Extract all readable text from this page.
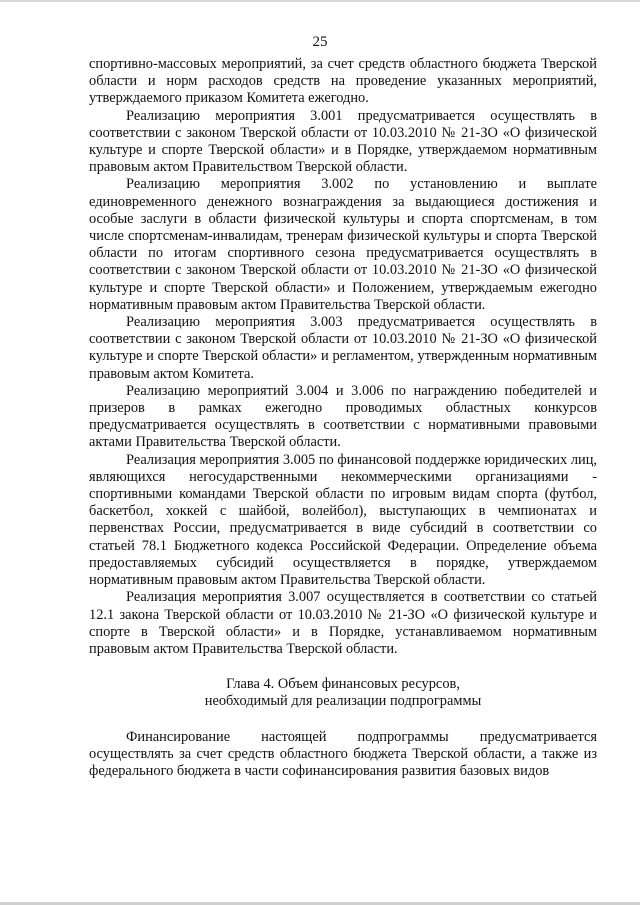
25

спортивно-массовых мероприятий, за счет средств областного бюджета Тверской области и норм расходов средств на проведение указанных мероприятий, утверждаемого приказом Комитета ежегодно.

Реализацию мероприятия 3.001 предусматривается осуществлять в соответствии с законом Тверской области от 10.03.2010 № 21-ЗО «О физической культуре и спорте Тверской области» и в Порядке, утверждаемом нормативным правовым актом Правительством Тверской области.

Реализацию мероприятия 3.002 по установлению и выплате единовременного денежного вознаграждения за выдающиеся достижения и особые заслуги в области физической культуры и спорта спортсменам, в том числе спортсменам-инвалидам, тренерам физической культуры и спорта Тверской области по итогам спортивного сезона предусматривается осуществлять в соответствии с законом Тверской области от 10.03.2010 № 21-ЗО «О физической культуре и спорте Тверской области» и Положением, утверждаемым ежегодно нормативным правовым актом Правительства Тверской области.

Реализацию мероприятия 3.003 предусматривается осуществлять в соответствии с законом Тверской области от 10.03.2010 № 21-ЗО «О физической культуре и спорте Тверской области» и регламентом, утвержденным нормативным правовым актом Комитета.

Реализацию мероприятий 3.004 и 3.006 по награждению победителей и призеров в рамках ежегодно проводимых областных конкурсов предусматривается осуществлять в соответствии с нормативными правовыми актами Правительства Тверской области.

Реализация мероприятия 3.005 по финансовой поддержке юридических лиц, являющихся негосударственными некоммерческими организациями - спортивными командами Тверской области по игровым видам спорта (футбол, баскетбол, хоккей с шайбой, волейбол), выступающих в чемпионатах и первенствах России, предусматривается в виде субсидий в соответствии со статьей 78.1 Бюджетного кодекса Российской Федерации. Определение объема предоставляемых субсидий осуществляется в порядке, утверждаемом нормативным правовым актом Правительства Тверской области.

Реализация мероприятия 3.007 осуществляется в соответствии со статьей 12.1 закона Тверской области от 10.03.2010 № 21-ЗО «О физической культуре и спорте в Тверской области» и в Порядке, устанавливаемом нормативным правовым актом Правительства Тверской области.

Глава 4. Объем финансовых ресурсов,
необходимый для реализации подпрограммы

Финансирование настоящей подпрограммы предусматривается осуществлять за счет средств областного бюджета Тверской области, а также из федерального бюджета в части софинансирования развития базовых видов
